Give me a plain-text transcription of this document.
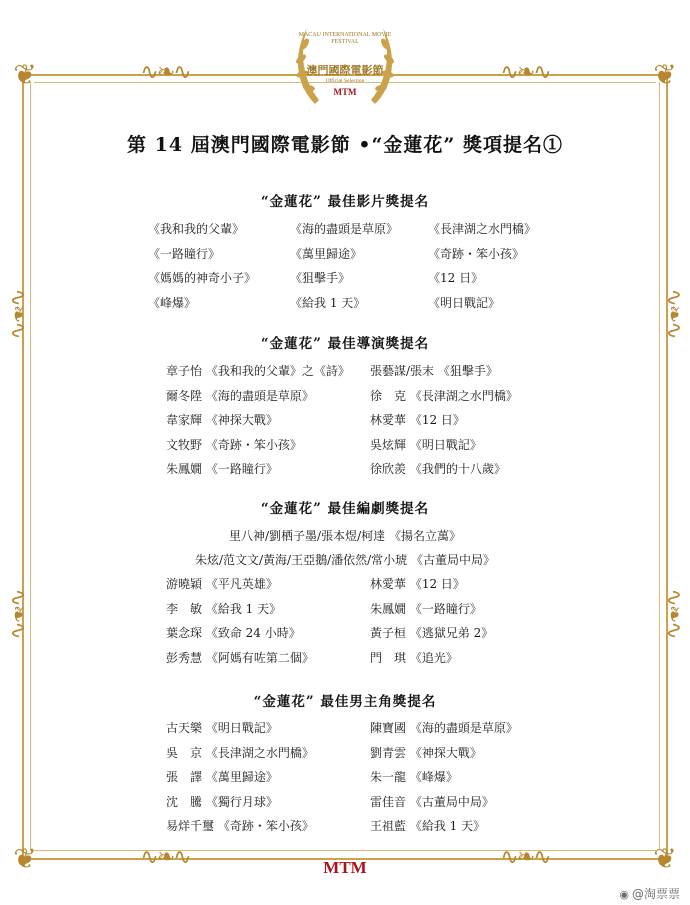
❦	❦
❦	❦
∿❧∿	∿❧∿
∿❧∿	∿❧∿
∿❧∿
∿❧∿
∿❧∿
∿❧∿
MACAU INTERNATIONAL MOVIE FESTIVAL
澳門國際電影節
Official Selection
MTM
第 14 屆澳門國際電影節 •“金蓮花” 獎項提名①
“金蓮花” 最佳影片獎提名
《我和我的父輩》	《海的盡頭是草原》 《長津湖之水門橋》
《一路瞳行》	《萬里歸途》	《奇跡・笨小孩》
《媽媽的神奇小子》	《狙擊手》	《12 日》
《峰爆》	《給我 1 天》	《明日戰記》
“金蓮花” 最佳導演獎提名
章子怡 《我和我的父輩》之《詩》 張藝謀/張末 《狙擊手》
爾冬陞 《海的盡頭是草原》	徐　克 《長津湖之水門橋》
韋家輝 《神探大戰》	林愛華 《12 日》
文牧野 《奇跡・笨小孩》	吳炫輝 《明日戰記》
朱鳳嫺 《一路瞳行》	徐欣羨 《我們的十八歲》
“金蓮花” 最佳編劇獎提名
里八神/劉栖子墨/張本煜/柯達 《揚名立萬》
朱炫/范文文/黃海/王亞鵝/潘依然/常小琥 《古董局中局》
游曉穎 《平凡英雄》	林愛華 《12 日》
李　敏 《給我 1 天》	朱鳳嫺 《一路瞳行》
葉念琛 《致命 24 小時》	黃子桓 《逃獄兄弟 2》
彭秀慧 《阿媽有咗第二個》	門　琪 《追光》
“金蓮花” 最佳男主角獎提名
古天樂 《明日戰記》	陳寶國 《海的盡頭是草原》
吳　京 《長津湖之水門橋》	劉青雲 《神探大戰》
張　譯 《萬里歸途》	朱一龍 《峰爆》
沈　騰 《獨行月球》	雷佳音 《古董局中局》
易烊千璽 《奇跡・笨小孩》	王祖藍 《給我 1 天》
MTM
◉ @淘票票
